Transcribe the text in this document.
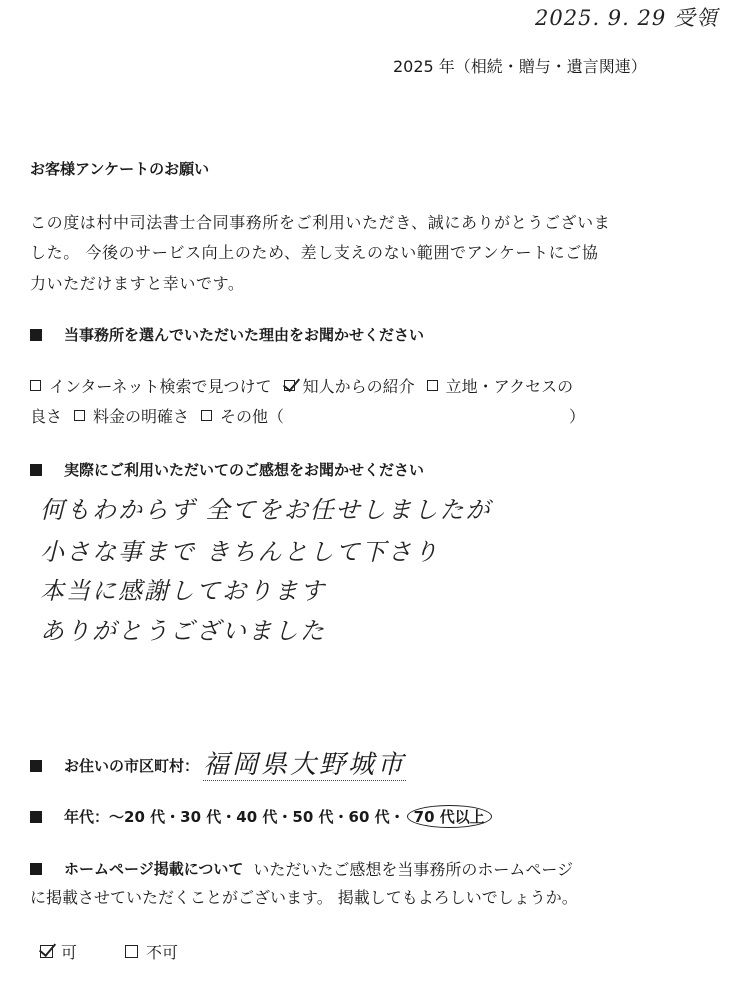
2025. 9. 29 受領
2025 年（相続・贈与・遺言関連）
お客様アンケートのお願い
この度は村中司法書士合同事務所をご利用いただき、誠にありがとうございま
した。 今後のサービス向上のため、差し支えのない範囲でアンケートにご協
力いただけますと幸いです。
当事務所を選んでいただいた理由をお聞かせください
インターネット検索で見つけて 知人からの紹介 立地・アクセスの
良さ 料金の明確さ その他（	）
実際にご利用いただいてのご感想をお聞かせください
何もわからず 全てをお任せしましたが
小さな事まで きちんとして下さり
本当に感謝しております
ありがとうございました
お住いの市区町村： 福岡県大野城市
年代： ～20 代 ・ 30 代 ・ 40 代 ・ 50 代 ・ 60 代 ・ 70 代以上
ホームページ掲載について いただいたご感想を当事務所のホームページ
に掲載させていただくことがございます。 掲載してもよろしいでしょうか。
可	不可
